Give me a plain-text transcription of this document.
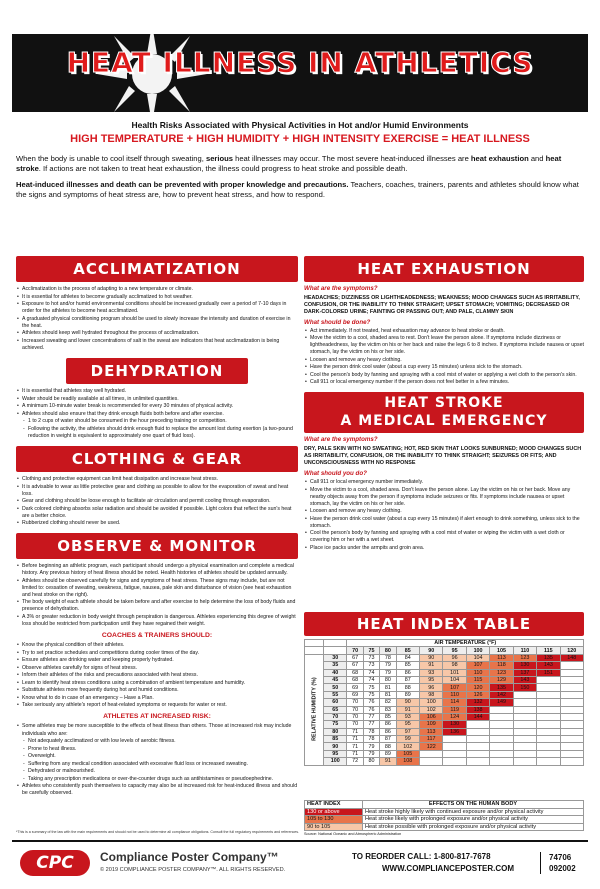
HEAT ILLNESS IN ATHLETICS
Health Risks Associated with Physical Activities in Hot and/or Humid Environments
HIGH TEMPERATURE + HIGH HUMIDITY + HIGH INTENSITY EXERCISE = HEAT ILLNESS

When the body is unable to cool itself through sweating, serious heat illnesses may occur. The most severe heat-induced illnesses are heat exhaustion and heat stroke. If actions are not taken to treat heat exhaustion, the illness could progress to heat stroke and possible death.

Heat-induced illnesses and death can be prevented with proper knowledge and precautions. Teachers, coaches, trainers, parents and athletes should know what the signs and symptoms of heat stress are, how to prevent heat stress, and how to respond.

ACCLIMATIZATION
• Acclimatization is the process of adapting to a new temperature or climate.
• It is essential for athletes to become gradually acclimatized to hot weather.
• Exposure to hot and/or humid environmental conditions should be increased gradually over a period of 7-10 days in order for the athletes to become heat acclimatized.
• A graduated physical conditioning program should be used to slowly increase the intensity and duration of exercise in the heat.
• Athletes should keep well hydrated throughout the process of acclimatization.
• Increased sweating and lower concentrations of salt in the sweat are indicators that heat acclimatization is being achieved.
DEHYDRATION
• It is essential that athletes stay well hydrated.
• Water should be readily available at all times, in unlimited quantities.
• A minimum 10-minute water break is recommended for every 30 minutes of physical activity.
• Athletes should also ensure that they drink enough fluids both before and after exercise.
- 1 to 2 cups of water should be consumed in the hour preceding training or competition.
- Following the activity, the athletes should drink enough fluid to replace the amount lost during exertion (a two-pound reduction in weight is equivalent to approximately one quart of fluid loss).
CLOTHING & GEAR
• Clothing and protective equipment can limit heat dissipation and increase heat stress.
• It is advisable to wear as little protective gear and clothing as possible to allow for the evaporation of sweat and heat loss.
• Gear and clothing should be loose enough to facilitate air circulation and permit cooling through evaporation.
• Dark colored clothing absorbs solar radiation and should be avoided if possible. Light colors that reflect the sun's heat are a better choice.
• Rubberized clothing should never be used.
OBSERVE & MONITOR
• Before beginning an athletic program, each participant should undergo a physical examination and complete a medical history. Any previous history of heat illness should be noted. Health histories of athletes should be updated annually.
• Athletes should be observed carefully for signs and symptoms of heat stress. These signs may include, but are not limited to: cessation of sweating, weakness, fatigue, nausea, pale skin and disturbance of vision (see heat exhaustion and heat stroke on the right).
• The body weight of each athlete should be taken before and after exercise to help determine the loss of body fluids and presence of dehydration.
• A 3% or greater reduction in body weight through perspiration is dangerous. Athletes experiencing this degree of weight loss should be restricted from participation until they have regained their weight.
COACHES & TRAINERS SHOULD:
• Know the physical condition of their athletes.
• Try to set practice schedules and competitions during cooler times of the day.
• Ensure athletes are drinking water and keeping properly hydrated.
• Observe athletes carefully for signs of heat stress.
• Inform their athletes of the risks and precautions associated with heat stress.
• Learn to identify heat stress conditions using a combination of ambient temperature and humidity.
• Substitute athletes more frequently during hot and humid conditions.
• Know what to do in case of an emergency – Have a Plan.
• Take seriously any athlete's report of heat-related symptoms or requests for water or rest.
ATHLETES AT INCREASED RISK:
• Some athletes may be more susceptible to the effects of heat illness than others. Those at increased risk may include individuals who are:
- Not adequately acclimatized or with low levels of aerobic fitness.
- Prone to heat illness.
- Overweight.
- Suffering from any medical condition associated with excessive fluid loss or increased sweating.
- Dehydrated or malnourished.
- Taking any prescription medications or over-the-counter drugs such as antihistamines or pseudoephedrine.
• Athletes who consistently push themselves to capacity may also be at increased risk for heat-induced illness and should be carefully observed.
HEAT EXHAUSTION
What are the symptoms?
HEADACHES; DIZZINESS OR LIGHTHEADEDNESS; WEAKNESS; MOOD CHANGES SUCH AS IRRITABILITY, CONFUSION, OR THE INABILITY TO THINK STRAIGHT; UPSET STOMACH; VOMITING; DECREASED OR DARK-COLORED URINE; FAINTING OR PASSING OUT; AND PALE, CLAMMY SKIN
What should be done?
• Act immediately. If not treated, heat exhaustion may advance to heat stroke or death.
• Move the victim to a cool, shaded area to rest. Don't leave the person alone. If symptoms include dizziness or lightheadedness, lay the victim on his or her back and raise the legs 6 to 8 inches. If symptoms include nausea or upset stomach, lay the victim on his or her side.
• Loosen and remove any heavy clothing.
• Have the person drink cool water (about a cup every 15 minutes) unless sick to the stomach.
• Cool the person's body by fanning and spraying with a cool mist of water or applying a wet cloth to the person's skin.
• Call 911 or local emergency number if the person does not feel better in a few minutes.
HEAT STROKE
A MEDICAL EMERGENCY
What are the symptoms?
DRY, PALE SKIN WITH NO SWEATING; HOT, RED SKIN THAT LOOKS SUNBURNED; MOOD CHANGES SUCH AS IRRITABILITY, CONFUSION, OR THE INABILITY TO THINK STRAIGHT; SEIZURES OR FITS; AND UNCONSCIOUSNESS WITH NO RESPONSE
What should you do?
• Call 911 or local emergency number immediately.
• Move the victim to a cool, shaded area. Don't leave the person alone. Lay the victim on his or her back. Move any nearby objects away from the person if symptoms include seizures or fits. If symptoms include nausea or upset stomach, lay the victim on his or her side.
• Loosen and remove any heavy clothing.
• Have the person drink cool water (about a cup every 15 minutes) if alert enough to drink something, unless sick to the stomach.
• Cool the person's body by fanning and spraying with a cool mist of water or wiping the victim with a wet cloth or covering him or her with a wet sheet.
• Place ice packs under the armpits and groin area.
HEAT INDEX TABLE
		AIR TEMPERATURE (°F)										
		70	75	80	85	90	95	100	105	110	115	120
RELATIVE HUMIDITY (%)	30	67	73	78	84	90	96	104	113	123	135	148
	35	67	73	79	85	91	98	107	118	130	143	
	40	68	74	79	86	93	101	110	123	137	151	
	45	68	74	80	87	95	104	115	129	143		
	50	69	75	81	88	96	107	120	135	150		
	55	69	75	81	89	98	110	126	142			
	60	70	76	82	90	100	114	132	149			
	65	70	76	83	91	102	119	138				
	70	70	77	85	93	106	124	144				
	75	70	77	86	95	109	130					
	80	71	78	86	97	113	136					
	85	71	78	87	99	117						
	90	71	79	88	102	122						
	95	71	79	89	105							
	100	72	80	91	108							
HEAT INDEX	EFFECTS ON THE HUMAN BODY
130 or above	Heat stroke highly likely with continued exposure and/or physical activity
105 to 130	Heat stroke likely with prolonged exposure and/or physical activity
90 to 105	Heat stroke possible with prolonged exposure and/or physical activity
Source: National Oceanic and Atmospheric Administration
*This is a summary of the law with the main requirements and should not be used to determine all compliance obligations. Consult the full regulatory requirements and references.
CPC	Compliance Poster Company™
© 2019 COMPLIANCE POSTER COMPANY™. ALL RIGHTS RESERVED.
TO REORDER CALL: 1-800-817-7678
WWW.COMPLIANCEPOSTER.COM
74706
092002
